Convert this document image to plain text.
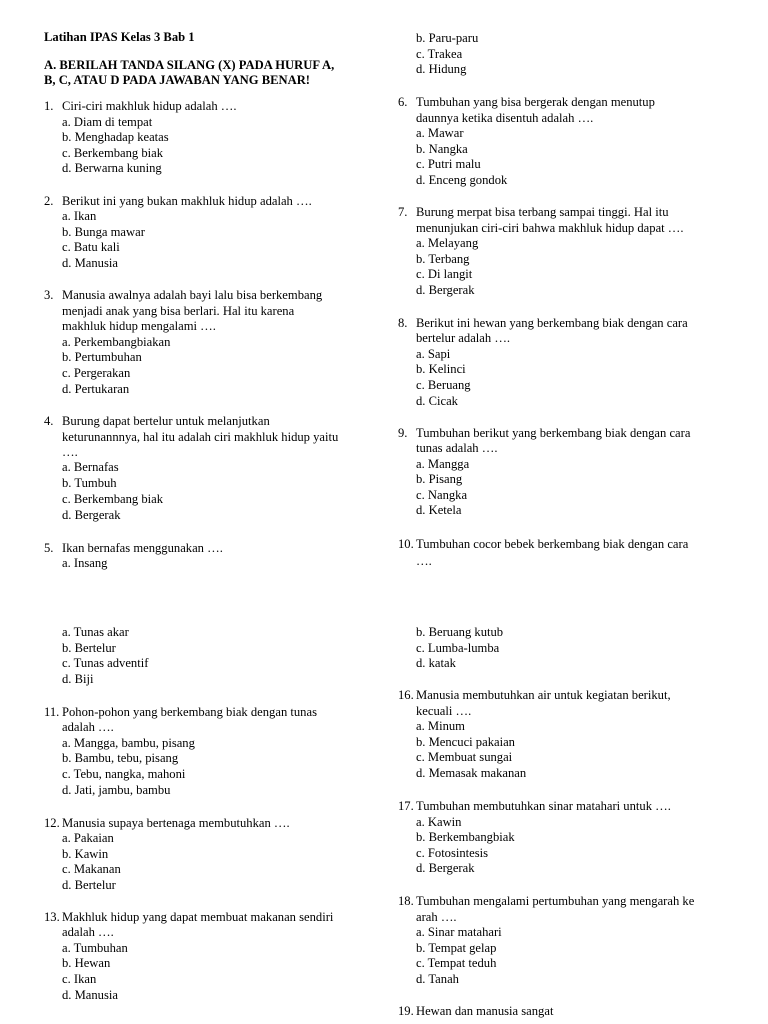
Latihan IPAS Kelas 3 Bab 1
A. BERILAH TANDA SILANG (X) PADA HURUF A,
B, C, ATAU D PADA JAWABAN YANG BENAR!
1. Ciri-ciri makhluk hidup adalah ….
a. Diam di tempat
b. Menghadap keatas
c. Berkembang biak
d. Berwarna kuning
2. Berikut ini yang bukan makhluk hidup adalah ….
a. Ikan
b. Bunga mawar
c. Batu kali
d. Manusia
3. Manusia awalnya adalah bayi lalu bisa berkembang
menjadi anak yang bisa berlari. Hal itu karena
makhluk hidup mengalami ….
a. Perkembangbiakan
b. Pertumbuhan
c. Pergerakan
d. Pertukaran
4. Burung dapat bertelur untuk melanjutkan
keturunannnya, hal itu adalah ciri makhluk hidup yaitu
….
a. Bernafas
b. Tumbuh
c. Berkembang biak
d. Bergerak
5. Ikan bernafas menggunakan ….
a. Insang
b. Paru-paru
c. Trakea
d. Hidung
6. Tumbuhan yang bisa bergerak dengan menutup
daunnya ketika disentuh adalah ….
a. Mawar
b. Nangka
c. Putri malu
d. Enceng gondok
7. Burung merpat bisa terbang sampai tinggi. Hal itu
menunjukan ciri-ciri bahwa makhluk hidup dapat ….
a. Melayang
b. Terbang
c. Di langit
d. Bergerak
8. Berikut ini hewan yang berkembang biak dengan cara
bertelur adalah ….
a. Sapi
b. Kelinci
c. Beruang
d. Cicak
9. Tumbuhan berikut yang berkembang biak dengan cara
tunas adalah ….
a. Mangga
b. Pisang
c. Nangka
d. Ketela
10. Tumbuhan cocor bebek berkembang biak dengan cara
….
a. Tunas akar
b. Bertelur
c. Tunas adventif
d. Biji
11. Pohon-pohon yang berkembang biak dengan tunas
adalah ….
a. Mangga, bambu, pisang
b. Bambu, tebu, pisang
c. Tebu, nangka, mahoni
d. Jati, jambu, bambu
12. Manusia supaya bertenaga membutuhkan ….
a. Pakaian
b. Kawin
c. Makanan
d. Bertelur
13. Makhluk hidup yang dapat membuat makanan sendiri
adalah ….
a. Tumbuhan
b. Hewan
c. Ikan
d. Manusia
b. Beruang kutub
c. Lumba-lumba
d. katak
16. Manusia membutuhkan air untuk kegiatan berikut,
kecuali ….
a. Minum
b. Mencuci pakaian
c. Membuat sungai
d. Memasak makanan
17. Tumbuhan membutuhkan sinar matahari untuk ….
a. Kawin
b. Berkembangbiak
c. Fotosintesis
d. Bergerak
18. Tumbuhan mengalami pertumbuhan yang mengarah ke
arah ….
a. Sinar matahari
b. Tempat gelap
c. Tempat teduh
d. Tanah
19. Hewan dan manusia sangat
